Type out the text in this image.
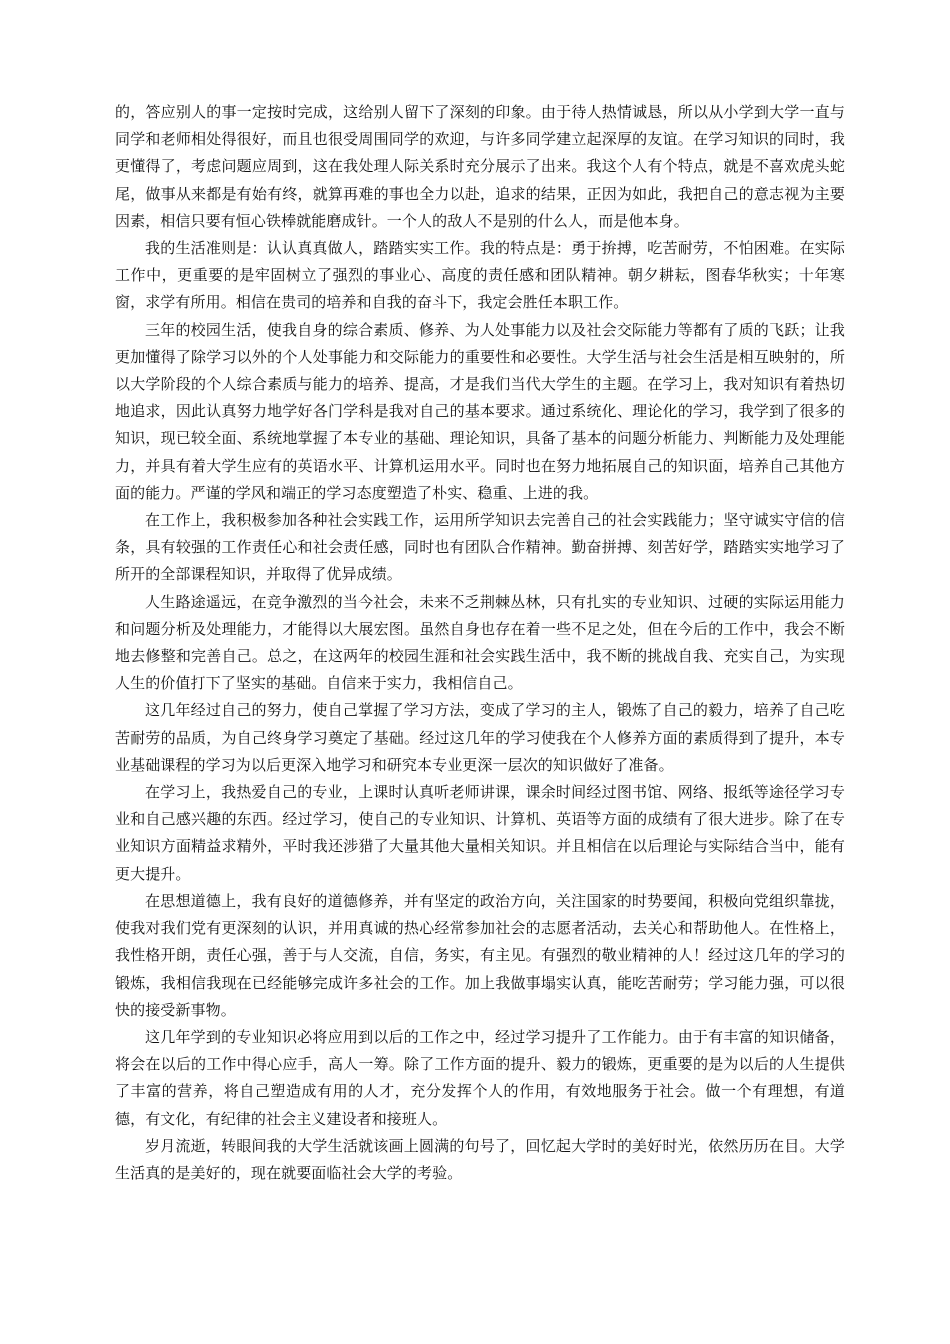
的，答应别人的事一定按时完成，这给别人留下了深刻的印象。由于待人热情诚恳，所以从小学到大学一直与同学和老师相处得很好，而且也很受周围同学的欢迎，与许多同学建立起深厚的友谊。在学习知识的同时，我更懂得了，考虑问题应周到，这在我处理人际关系时充分展示了出来。我这个人有个特点，就是不喜欢虎头蛇尾，做事从来都是有始有终，就算再难的事也全力以赴，追求的结果，正因为如此，我把自己的意志视为主要因素，相信只要有恒心铁棒就能磨成针。一个人的敌人不是别的什么人，而是他本身。

我的生活准则是：认认真真做人，踏踏实实工作。我的特点是：勇于拚搏，吃苦耐劳，不怕困难。在实际工作中，更重要的是牢固树立了强烈的事业心、高度的责任感和团队精神。朝夕耕耘，图春华秋实；十年寒窗，求学有所用。相信在贵司的培养和自我的奋斗下，我定会胜任本职工作。

三年的校园生活，使我自身的综合素质、修养、为人处事能力以及社会交际能力等都有了质的飞跃；让我更加懂得了除学习以外的个人处事能力和交际能力的重要性和必要性。大学生活与社会生活是相互映射的，所以大学阶段的个人综合素质与能力的培养、提高，才是我们当代大学生的主题。在学习上，我对知识有着热切地追求，因此认真努力地学好各门学科是我对自己的基本要求。通过系统化、理论化的学习，我学到了很多的知识，现已较全面、系统地掌握了本专业的基础、理论知识，具备了基本的问题分析能力、判断能力及处理能力，并具有着大学生应有的英语水平、计算机运用水平。同时也在努力地拓展自己的知识面，培养自己其他方面的能力。严谨的学风和端正的学习态度塑造了朴实、稳重、上进的我。

在工作上，我积极参加各种社会实践工作，运用所学知识去完善自己的社会实践能力；坚守诚实守信的信条，具有较强的工作责任心和社会责任感，同时也有团队合作精神。勤奋拼搏、刻苦好学，踏踏实实地学习了所开的全部课程知识，并取得了优异成绩。

人生路途遥远，在竞争激烈的当今社会，未来不乏荆棘丛林，只有扎实的专业知识、过硬的实际运用能力和问题分析及处理能力，才能得以大展宏图。虽然自身也存在着一些不足之处，但在今后的工作中，我会不断地去修整和完善自己。总之，在这两年的校园生涯和社会实践生活中，我不断的挑战自我、充实自己，为实现人生的价值打下了坚实的基础。自信来于实力，我相信自己。

这几年经过自己的努力，使自己掌握了学习方法，变成了学习的主人，锻炼了自己的毅力，培养了自己吃苦耐劳的品质，为自己终身学习奠定了基础。经过这几年的学习使我在个人修养方面的素质得到了提升，本专业基础课程的学习为以后更深入地学习和研究本专业更深一层次的知识做好了准备。

在学习上，我热爱自己的专业，上课时认真听老师讲课，课余时间经过图书馆、网络、报纸等途径学习专业和自己感兴趣的东西。经过学习，使自己的专业知识、计算机、英语等方面的成绩有了很大进步。除了在专业知识方面精益求精外，平时我还涉猎了大量其他大量相关知识。并且相信在以后理论与实际结合当中，能有更大提升。

在思想道德上，我有良好的道德修养，并有坚定的政治方向，关注国家的时势要闻，积极向党组织靠拢，使我对我们党有更深刻的认识，并用真诚的热心经常参加社会的志愿者活动，去关心和帮助他人。在性格上，我性格开朗，责任心强，善于与人交流，自信，务实，有主见。有强烈的敬业精神的人！经过这几年的学习的锻炼，我相信我现在已经能够完成许多社会的工作。加上我做事塌实认真，能吃苦耐劳；学习能力强，可以很快的接受新事物。

这几年学到的专业知识必将应用到以后的工作之中，经过学习提升了工作能力。由于有丰富的知识储备，将会在以后的工作中得心应手，高人一筹。除了工作方面的提升、毅力的锻炼，更重要的是为以后的人生提供了丰富的营养，将自己塑造成有用的人才，充分发挥个人的作用，有效地服务于社会。做一个有理想，有道德，有文化，有纪律的社会主义建设者和接班人。

岁月流逝，转眼间我的大学生活就该画上圆满的句号了，回忆起大学时的美好时光，依然历历在目。大学生活真的是美好的，现在就要面临社会大学的考验。
